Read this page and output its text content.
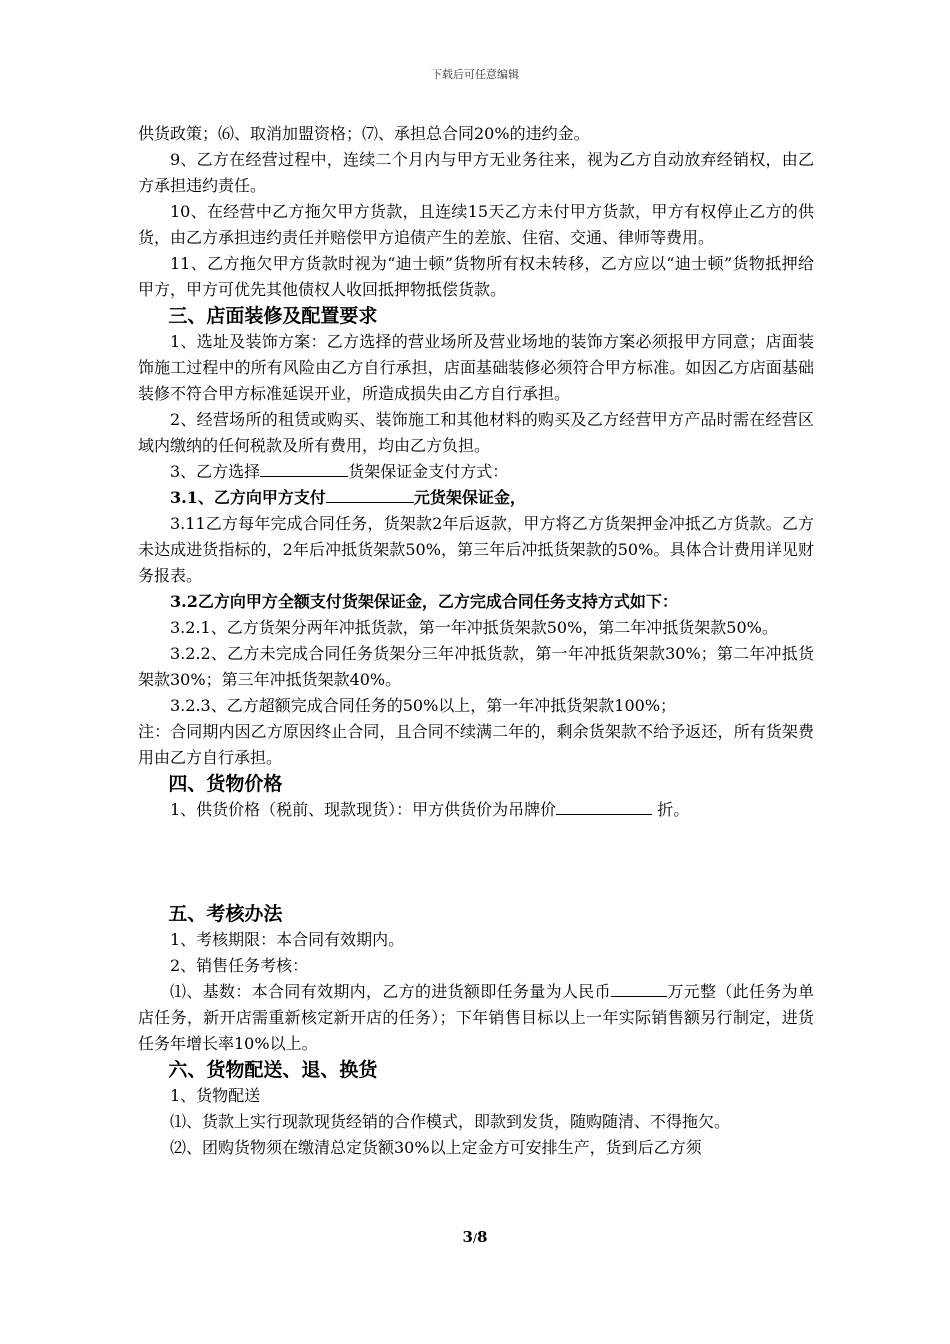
下载后可任意编辑

供货政策；⑹、取消加盟资格；⑺、承担总合同20%的违约金。

9、乙方在经营过程中，连续二个月内与甲方无业务往来，视为乙方自动放弃经销权，由乙方承担违约责任。

10、在经营中乙方拖欠甲方货款，且连续15天乙方未付甲方货款，甲方有权停止乙方的供货，由乙方承担违约责任并赔偿甲方追债产生的差旅、住宿、交通、律师等费用。

11、乙方拖欠甲方货款时视为“迪士顿”货物所有权未转移，乙方应以“迪士顿”货物抵押给甲方，甲方可优先其他债权人收回抵押物抵偿货款。

三、店面装修及配置要求

1、选址及装饰方案：乙方选择的营业场所及营业场地的装饰方案必须报甲方同意；店面装饰施工过程中的所有风险由乙方自行承担，店面基础装修必须符合甲方标准。如因乙方店面基础装修不符合甲方标准延误开业，所造成损失由乙方自行承担。

2、经营场所的租赁或购买、装饰施工和其他材料的购买及乙方经营甲方产品时需在经营区域内缴纳的任何税款及所有费用，均由乙方负担。

3、乙方选择	货架保证金支付方式：

3.1、乙方向甲方支付	元货架保证金，

3.11乙方每年完成合同任务，货架款2年后返款，甲方将乙方货架押金冲抵乙方货款。乙方未达成进货指标的，2年后冲抵货架款50%，第三年后冲抵货架款的50%。具体合计费用详见财务报表。

3.2乙方向甲方全额支付货架保证金，乙方完成合同任务支持方式如下：

3.2.1、乙方货架分两年冲抵货款，第一年冲抵货架款50%，第二年冲抵货架款50%。

3.2.2、乙方未完成合同任务货架分三年冲抵货款，第一年冲抵货架款30%；第二年冲抵货架款30%；第三年冲抵货架款40%。

3.2.3、乙方超额完成合同任务的50%以上，第一年冲抵货架款100%；

注：合同期内因乙方原因终止合同，且合同不续满二年的，剩余货架款不给予返还，所有货架费用由乙方自行承担。

四、货物价格

1、供货价格（税前、现款现货）：甲方供货价为吊牌价	折。

五、考核办法

1、考核期限：本合同有效期内。

2、销售任务考核：

⑴、基数：本合同有效期内，乙方的进货额即任务量为人民币	万元整（此任务为单店任务，新开店需重新核定新开店的任务）；下年销售目标以上一年实际销售额另行制定，进货任务年增长率10%以上。

六、货物配送、退、换货

1、货物配送

⑴、货款上实行现款现货经销的合作模式，即款到发货，随购随清、不得拖欠。

⑵、团购货物须在缴清总定货额30%以上定金方可安排生产，货到后乙方须

3/8
